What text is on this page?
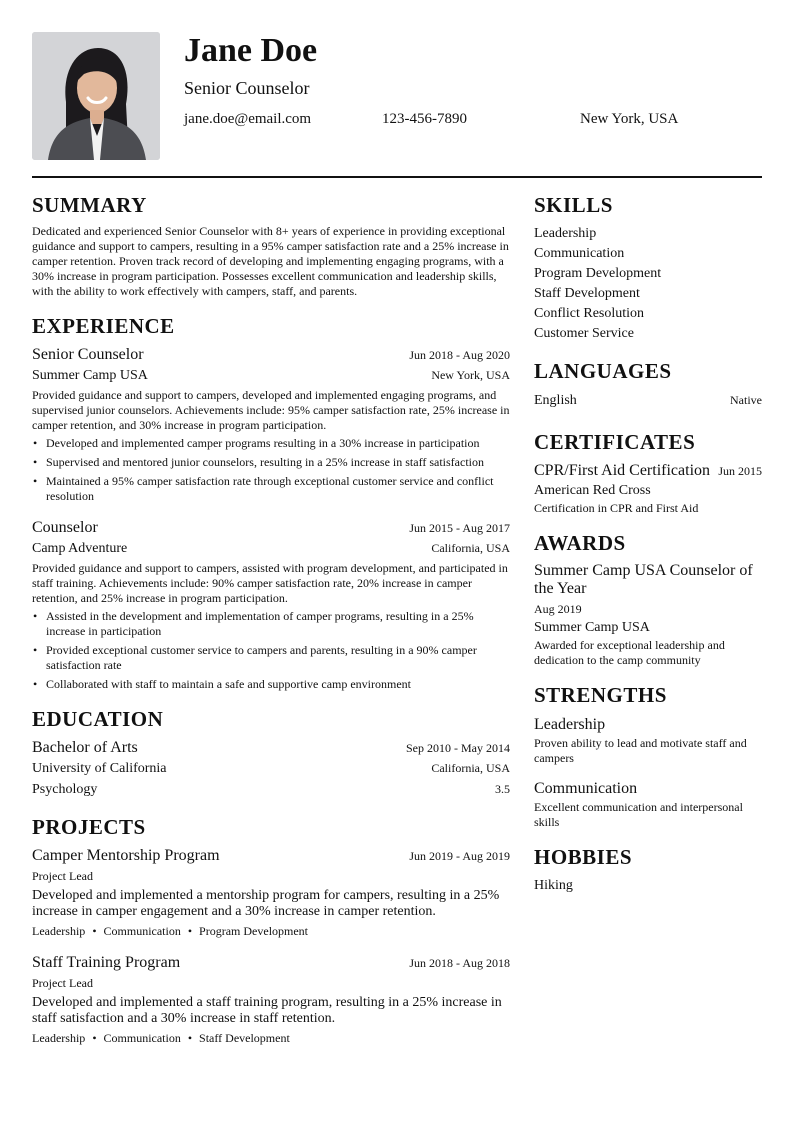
Jane Doe
Senior Counselor
jane.doe@email.com	123-456-7890	New York, USA
SUMMARY

Dedicated and experienced Senior Counselor with 8+ years of experience in providing exceptional guidance and support to campers, resulting in a 95% camper satisfaction rate and a 25% increase in camper retention. Proven track record of developing and implementing engaging programs, with a 30% increase in program participation. Possesses excellent communication and leadership skills, with the ability to work effectively with campers, staff, and parents.

EXPERIENCE
Senior Counselor	Jun 2018 - Aug 2020
Summer Camp USA	New York, USA

Provided guidance and support to campers, developed and implemented engaging programs, and supervised junior counselors. Achievements include: 95% camper satisfaction rate, 25% increase in camper retention, and 30% increase in program participation.

• Developed and implemented camper programs resulting in a 30% increase in participation
• Supervised and mentored junior counselors, resulting in a 25% increase in staff satisfaction
• Maintained a 95% camper satisfaction rate through exceptional customer service and conflict resolution
Counselor	Jun 2015 - Aug 2017
Camp Adventure	California, USA

Provided guidance and support to campers, assisted with program development, and participated in staff training. Achievements include: 90% camper satisfaction rate, 20% increase in camper retention, and 25% increase in program participation.

• Assisted in the development and implementation of camper programs, resulting in a 25% increase in participation
• Provided exceptional customer service to campers and parents, resulting in a 90% camper satisfaction rate
• Collaborated with staff to maintain a safe and supportive camp environment
EDUCATION
Bachelor of Arts	Sep 2010 - May 2014
University of California	California, USA
Psychology	3.5
PROJECTS
Camper Mentorship Program	Jun 2019 - Aug 2019
Project Lead

Developed and implemented a mentorship program for campers, resulting in a 25% increase in camper engagement and a 30% increase in camper retention.

Leadership • Communication • Program Development
Staff Training Program	Jun 2018 - Aug 2018
Project Lead

Developed and implemented a staff training program, resulting in a 25% increase in staff satisfaction and a 30% increase in staff retention.

Leadership • Communication • Staff Development
SKILLS
Leadership
Communication
Program Development
Staff Development
Conflict Resolution
Customer Service
LANGUAGES
English	Native
CERTIFICATES
CPR/First Aid Certification Jun 2015
American Red Cross
Certification in CPR and First Aid
AWARDS
Summer Camp USA Counselor of the Year
Aug 2019
Summer Camp USA
Awarded for exceptional leadership and dedication to the camp community
STRENGTHS
Leadership
Proven ability to lead and motivate staff and campers
Communication
Excellent communication and interpersonal skills
HOBBIES
Hiking
